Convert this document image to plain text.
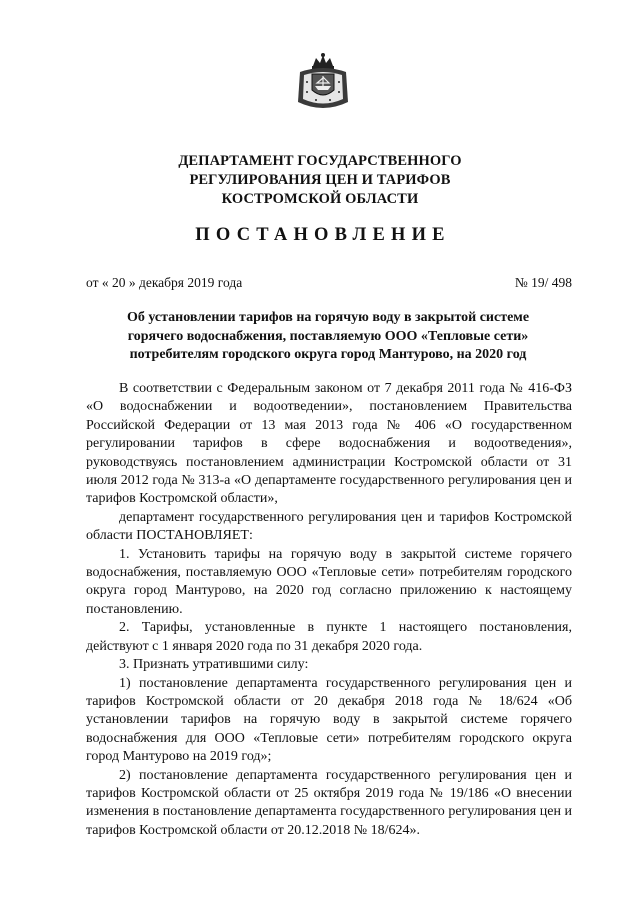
ДЕПАРТАМЕНТ ГОСУДАРСТВЕННОГО
РЕГУЛИРОВАНИЯ ЦЕН И ТАРИФОВ
КОСТРОМСКОЙ ОБЛАСТИ
ПОСТАНОВЛЕНИЕ
от « 20 » декабря 2019 года	№ 19/ 498
Об установлении тарифов на горячую воду в закрытой системе
горячего водоснабжения, поставляемую ООО «Тепловые сети»
потребителям городского округа город Мантурово, на 2020 год

В соответствии с Федеральным законом от 7 декабря 2011 года № 416-ФЗ «О водоснабжении и водоотведении», постановлением Правительства Российской Федерации от 13 мая 2013 года № 406 «О государственном регулировании тарифов в сфере водоснабжения и водоотведения», руководствуясь постановлением администрации Костромской области от 31 июля 2012 года № 313-а «О департаменте государственного регулирования цен и тарифов Костромской области»,

департамент государственного регулирования цен и тарифов Костромской области ПОСТАНОВЛЯЕТ:

1. Установить тарифы на горячую воду в закрытой системе горячего водоснабжения, поставляемую ООО «Тепловые сети» потребителям городского округа город Мантурово, на 2020 год согласно приложению к настоящему постановлению.

2. Тарифы, установленные в пункте 1 настоящего постановления, действуют с 1 января 2020 года по 31 декабря 2020 года.

3. Признать утратившими силу:

1) постановление департамента государственного регулирования цен и тарифов Костромской области от 20 декабря 2018 года № 18/624 «Об установлении тарифов на горячую воду в закрытой системе горячего водоснабжения для ООО «Тепловые сети» потребителям городского округа город Мантурово на 2019 год»;

2) постановление департамента государственного регулирования цен и тарифов Костромской области от 25 октября 2019 года № 19/186 «О внесении изменения в постановление департамента государственного регулирования цен и тарифов Костромской области от 20.12.2018 № 18/624».
